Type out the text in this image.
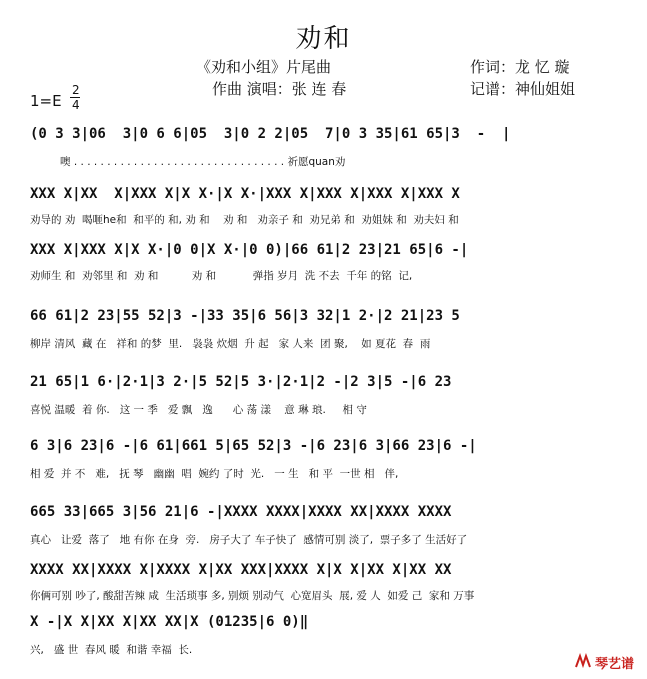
劝和
《劝和小组》片尾曲	作词：龙 忆 璇
作曲 演唱：张 连 春	记谱：神仙姐姐
1=E
2
4
(0 3 3|06  3|0 6 6|05  3|0 2 2|05  7|0 3 35|61 65|3  -  |
噢 . . . . . . . . . . . . . . . . . . . . . . . . . . . . . . . . 祈愿quan劝
XXX X|XX  X|XXX X|X X·|X X·|XXX X|XXX X|XXX X|XXX X
劝导的 劝  喝咂he和  和平的 和, 劝 和    劝 和   劝亲子 和  劝兄弟 和  劝姐妹 和  劝夫妇 和
XXX X|XXX X|X X·|0 0|X X·|0 0)|66 61|2 23|21 65|6 -|
劝师生 和  劝邻里 和  劝 和          劝 和           弹指 岁月  洗 不去  千年 的铭  记,
66 61|2 23|55 52|3 -|33 35|6 56|3 32|1 2·|2 21|23 5
柳岸 清风  藏 在   祥和 的梦  里.   袅袅 炊烟  升 起   家 人来  团 聚,    如 夏花  春  雨
21 65|1 6·|2·1|3 2·|5 52|5 3·|2·1|2 -|2 3|5 -|6 23
喜悦 温暖  着 你.   这 一 季   爱 飘   逸      心 荡 漾    意 琳 琅.     相 守
6 3|6 23|6 -|6 61|661 5|65 52|3 -|6 23|6 3|66 23|6 -|
相 爱  并 不   难,   抚 琴   幽幽  唱  婉约 了时  光.   一 生   和 平  一世 相   伴,
665 33|665 3|56 21|6 -|XXXX XXXX|XXXX XX|XXXX XXXX
真心   让爱  落了   地 有你 在身  旁.   房子大了 车子快了  感情可别 淡了,  票子多了 生活好了
XXXX XX|XXXX X|XXXX X|XX XXX|XXXX X|X X|XX X|XX XX
你俩可别 吵了, 酸甜苦辣 咸  生活琐事 多, 别烦 别动气  心宽眉头  展, 爱 人  如爱 己  家和 万事
X -|X X|XX X|XX XX|X (01235|6 0)‖
兴,   盛 世  春风 暖  和谐 幸福  长.
琴艺谱
